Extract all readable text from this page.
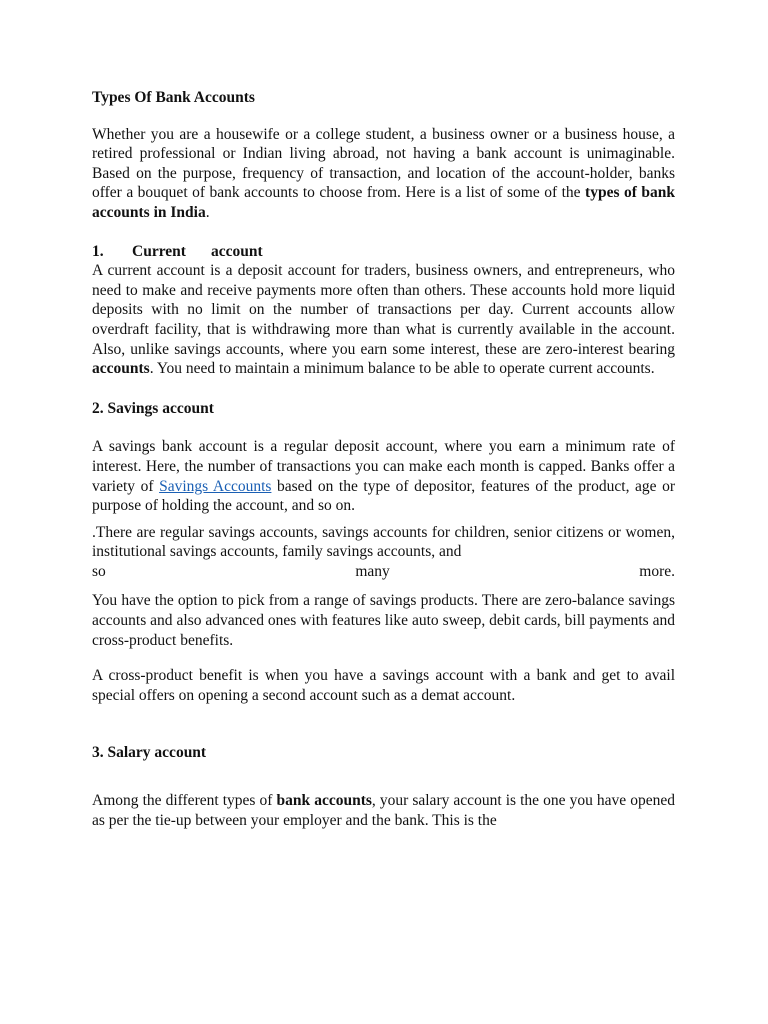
Types Of Bank Accounts

Whether you are a housewife or a college student, a business owner or a business house, a retired professional or Indian living abroad, not having a bank account is unimaginable. Based on the purpose, frequency of transaction, and location of the account-holder, banks offer a bouquet of bank accounts to choose from. Here is a list of some of the types of bank accounts in India.

1.	Current	account

A current account is a deposit account for traders, business owners, and entrepreneurs, who need to make and receive payments more often than others. These accounts hold more liquid deposits with no limit on the number of transactions per day. Current accounts allow overdraft facility, that is withdrawing more than what is currently available in the account. Also, unlike savings accounts, where you earn some interest, these are zero-interest bearing accounts. You need to maintain a minimum balance to be able to operate current accounts.

2. Savings account

A savings bank account is a regular deposit account, where you earn a minimum rate of interest. Here, the number of transactions you can make each month is capped. Banks offer a variety of Savings Accounts based on the type of depositor, features of the product, age or purpose of holding the account, and so on.

.There are regular savings accounts, savings accounts for children, senior citizens or women, institutional savings accounts, family savings accounts, and

so	many	more.

You have the option to pick from a range of savings products. There are zero-balance savings accounts and also advanced ones with features like auto sweep, debit cards, bill payments and cross-product benefits.

A cross-product benefit is when you have a savings account with a bank and get to avail special offers on opening a second account such as a demat account.

3. Salary account

Among the different types of bank accounts, your salary account is the one you have opened as per the tie-up between your employer and the bank. This is the
